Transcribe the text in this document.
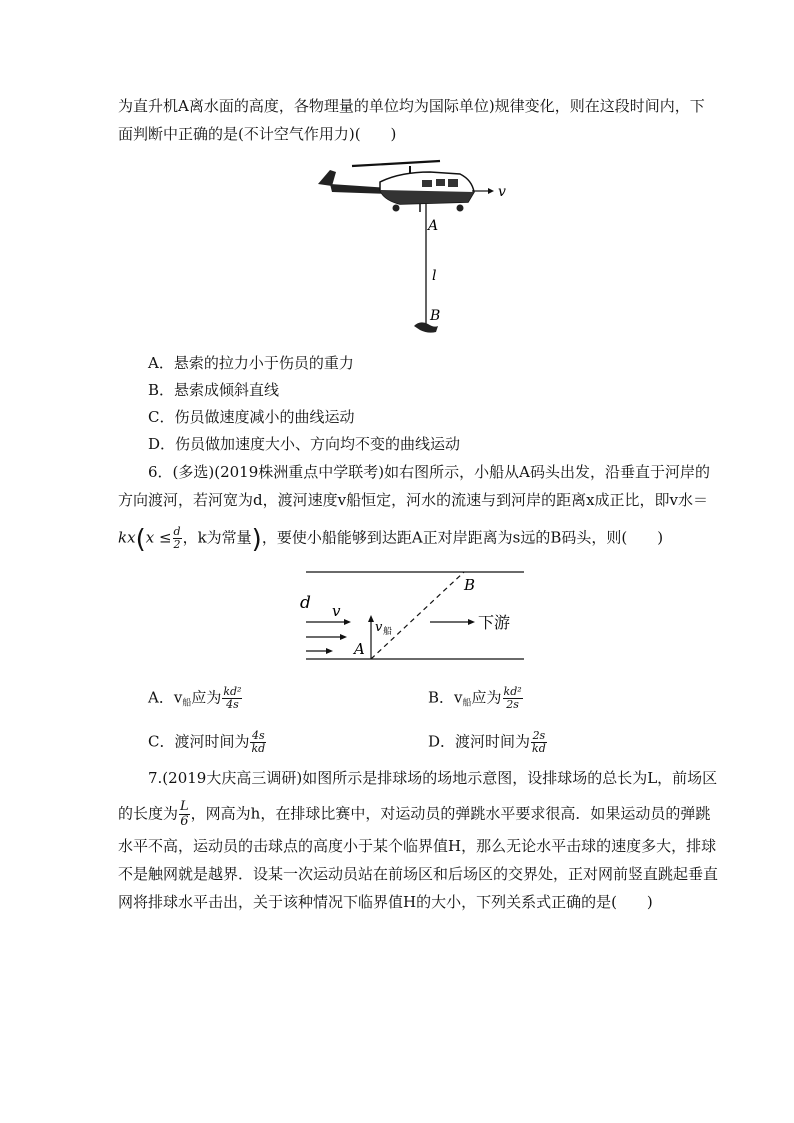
为直升机A离水面的高度，各物理量的单位均为国际单位)规律变化，则在这段时间内，下
面判断中正确的是(不计空气作用力)(　　)
v
A
l
B
A．悬索的拉力小于伤员的重力
B．悬索成倾斜直线
C．伤员做速度减小的曲线运动
D．伤员做加速度大小、方向均不变的曲线运动
6．(多选)(2019株洲重点中学联考)如右图所示，小船从A码头出发，沿垂直于河岸的
方向渡河，若河宽为d，渡河速度v船恒定，河水的流速与到河岸的距离x成正比，即v水＝
$kx(x \le \frac{d}{2}$ ，k为常量)，要使小船能够到达距A正对岸距离为s远的B码头，则(　　)
d v
v 船
A
B
下游
A．$v_船$应为 $\frac{\text{kd²}}{4s}$	B．$v_船$应为 $\frac{\text{kd²}}{2s}$
C．渡河时间为 $\frac{4s}{kd}$	D．渡河时间为 $\frac{2s}{kd}$
7.(2019大庆高三调研)如图所示是排球场的场地示意图，设排球场的总长为L，前场区
的长度为 $\frac{L}{6}$ ，网高为h，在排球比赛中，对运动员的弹跳水平要求很高．如果运动员的弹跳
水平不高，运动员的击球点的高度小于某个临界值H，那么无论水平击球的速度多大，排球
不是触网就是越界．设某一次运动员站在前场区和后场区的交界处，正对网前竖直跳起垂直
网将排球水平击出，关于该种情况下临界值H的大小，下列关系式正确的是(　　)
